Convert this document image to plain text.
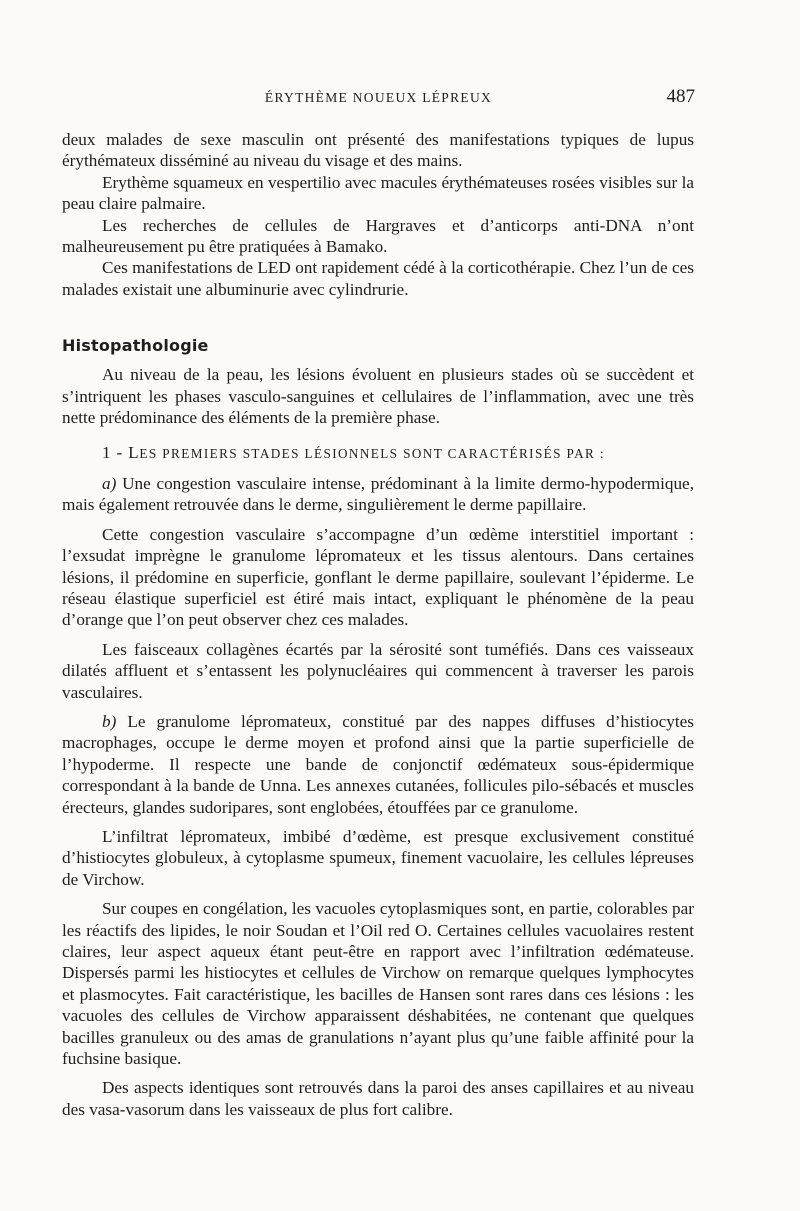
ÉRYTHÈME NOUEUX LÉPREUX	487

deux malades de sexe masculin ont présenté des manifestations typiques de lupus érythémateux disséminé au niveau du visage et des mains.

Erythème squameux en vespertilio avec macules érythémateuses rosées visibles sur la peau claire palmaire.

Les recherches de cellules de Hargraves et d’anticorps anti-DNA n’ont malheureusement pu être pratiquées à Bamako.

Ces manifestations de LED ont rapidement cédé à la corticothérapie. Chez l’un de ces malades existait une albuminurie avec cylindrurie.

Histopathologie

Au niveau de la peau, les lésions évoluent en plusieurs stades où se succèdent et s’intriquent les phases vasculo-sanguines et cellulaires de l’inflammation, avec une très nette prédominance des éléments de la première phase.

1 - LES PREMIERS STADES LÉSIONNELS SONT CARACTÉRISÉS PAR :

a) Une congestion vasculaire intense, prédominant à la limite dermo-hypodermique, mais également retrouvée dans le derme, singulièrement le derme papillaire.

Cette congestion vasculaire s’accompagne d’un œdème interstitiel important : l’exsudat imprègne le granulome lépromateux et les tissus alentours. Dans certaines lésions, il prédomine en superficie, gonflant le derme papillaire, soulevant l’épiderme. Le réseau élastique superficiel est étiré mais intact, expliquant le phénomène de la peau d’orange que l’on peut observer chez ces malades.

Les faisceaux collagènes écartés par la sérosité sont tuméfiés. Dans ces vaisseaux dilatés affluent et s’entassent les polynucléaires qui commencent à traverser les parois vasculaires.

b) Le granulome lépromateux, constitué par des nappes diffuses d’histiocytes macrophages, occupe le derme moyen et profond ainsi que la partie superficielle de l’hypoderme. Il respecte une bande de conjonctif œdémateux sous-épidermique correspondant à la bande de Unna. Les annexes cutanées, follicules pilo-sébacés et muscles érecteurs, glandes sudoripares, sont englobées, étouffées par ce granulome.

L’infiltrat lépromateux, imbibé d’œdème, est presque exclusivement constitué d’histiocytes globuleux, à cytoplasme spumeux, finement vacuolaire, les cellules lépreuses de Virchow.

Sur coupes en congélation, les vacuoles cytoplasmiques sont, en partie, colorables par les réactifs des lipides, le noir Soudan et l’Oil red O. Certaines cellules vacuolaires restent claires, leur aspect aqueux étant peut-être en rapport avec l’infiltration œdémateuse. Dispersés parmi les histiocytes et cellules de Virchow on remarque quelques lymphocytes et plasmocytes. Fait caractéristique, les bacilles de Hansen sont rares dans ces lésions : les vacuoles des cellules de Virchow apparaissent déshabitées, ne contenant que quelques bacilles granuleux ou des amas de granulations n’ayant plus qu’une faible affinité pour la fuchsine basique.

Des aspects identiques sont retrouvés dans la paroi des anses capillaires et au niveau des vasa-vasorum dans les vaisseaux de plus fort calibre.
